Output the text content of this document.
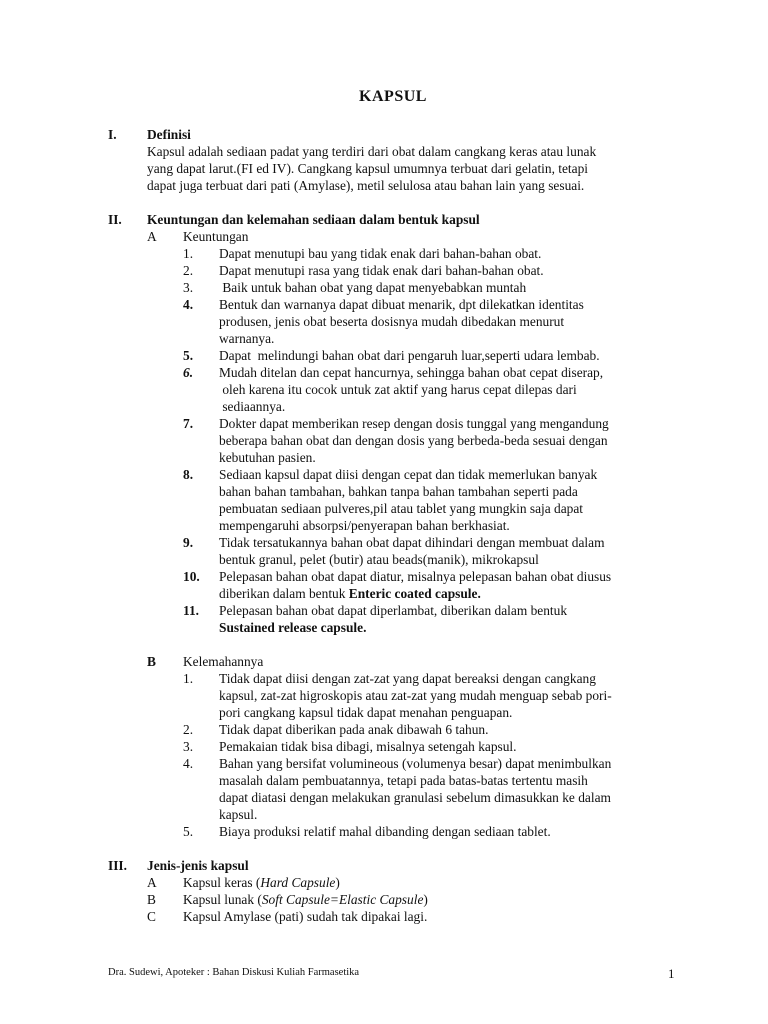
KAPSUL
I. Definisi
Kapsul adalah sediaan padat yang terdiri dari obat dalam cangkang keras atau lunak
yang dapat larut.(FI ed IV). Cangkang kapsul umumnya terbuat dari gelatin, tetapi
dapat juga terbuat dari pati (Amylase), metil selulosa atau bahan lain yang sesuai.
II. Keuntungan dan kelemahan sediaan dalam bentuk kapsul
A Keuntungan
1. Dapat menutupi bau yang tidak enak dari bahan-bahan obat.
2. Dapat menutupi rasa yang tidak enak dari bahan-bahan obat.
3. Baik untuk bahan obat yang dapat menyebabkan muntah
4. Bentuk dan warnanya dapat dibuat menarik, dpt dilekatkan identitas
produsen, jenis obat beserta dosisnya mudah dibedakan menurut
warnanya.
5. Dapat  melindungi bahan obat dari pengaruh luar,seperti udara lembab.
6. Mudah ditelan dan cepat hancurnya, sehingga bahan obat cepat diserap,
oleh karena itu cocok untuk zat aktif yang harus cepat dilepas dari
sediaannya.
7. Dokter dapat memberikan resep dengan dosis tunggal yang mengandung
beberapa bahan obat dan dengan dosis yang berbeda-beda sesuai dengan
kebutuhan pasien.
8. Sediaan kapsul dapat diisi dengan cepat dan tidak memerlukan banyak
bahan bahan tambahan, bahkan tanpa bahan tambahan seperti pada
pembuatan sediaan pulveres,pil atau tablet yang mungkin saja dapat
mempengaruhi absorpsi/penyerapan bahan berkhasiat.
9. Tidak tersatukannya bahan obat dapat dihindari dengan membuat dalam
bentuk granul, pelet (butir) atau beads(manik), mikrokapsul
10. Pelepasan bahan obat dapat diatur, misalnya pelepasan bahan obat diusus
diberikan dalam bentuk Enteric coated capsule.
11. Pelepasan bahan obat dapat diperlambat, diberikan dalam bentuk
Sustained release capsule.
B Kelemahannya
1. Tidak dapat diisi dengan zat-zat yang dapat bereaksi dengan cangkang
kapsul, zat-zat higroskopis atau zat-zat yang mudah menguap sebab pori-
pori cangkang kapsul tidak dapat menahan penguapan.
2. Tidak dapat diberikan pada anak dibawah 6 tahun.
3. Pemakaian tidak bisa dibagi, misalnya setengah kapsul.
4. Bahan yang bersifat volumineous (volumenya besar) dapat menimbulkan
masalah dalam pembuatannya, tetapi pada batas-batas tertentu masih
dapat diatasi dengan melakukan granulasi sebelum dimasukkan ke dalam
kapsul.
5. Biaya produksi relatif mahal dibanding dengan sediaan tablet.
III. Jenis-jenis kapsul
A Kapsul keras (Hard Capsule)
B Kapsul lunak (Soft Capsule=Elastic Capsule)
C Kapsul Amylase (pati) sudah tak dipakai lagi.
Dra. Sudewi, Apoteker : Bahan Diskusi Kuliah Farmasetika	1
